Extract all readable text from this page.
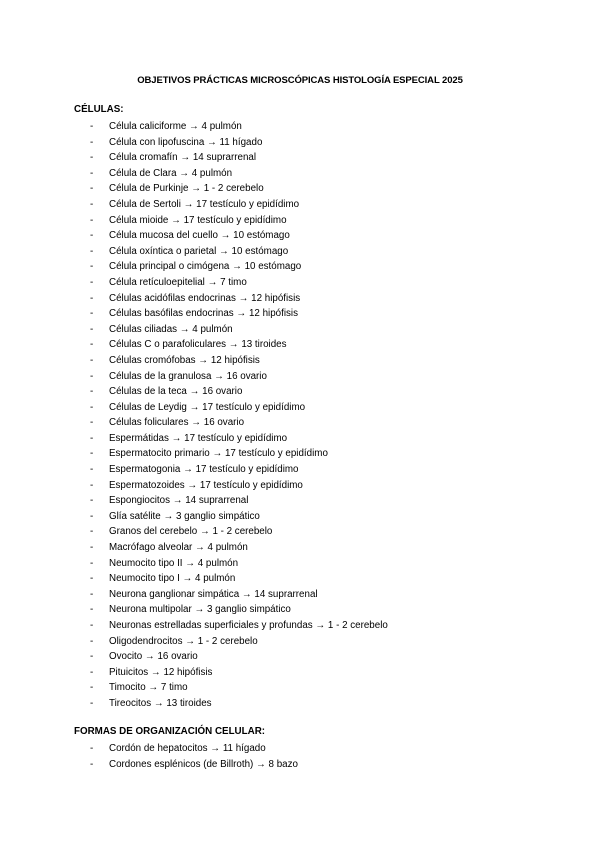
OBJETIVOS PRÁCTICAS MICROSCÓPICAS HISTOLOGÍA ESPECIAL 2025
CÉLULAS:
- Célula caliciforme → 4 pulmón
- Célula con lipofuscina → 11 hígado
- Célula cromafín → 14 suprarrenal
- Célula de Clara → 4 pulmón
- Célula de Purkinje → 1 - 2 cerebelo
- Célula de Sertoli → 17 testículo y epidídimo
- Célula mioide → 17 testículo y epidídimo
- Célula mucosa del cuello → 10 estómago
- Célula oxíntica o parietal → 10 estómago
- Célula principal o cimógena → 10 estómago
- Célula retículoepitelial → 7 timo
- Células acidófilas endocrinas → 12 hipófisis
- Células basófilas endocrinas → 12 hipófisis
- Células ciliadas → 4 pulmón
- Células C o parafoliculares → 13 tiroides
- Células cromófobas → 12 hipófisis
- Células de la granulosa → 16 ovario
- Células de la teca → 16 ovario
- Células de Leydig → 17 testículo y epidídimo
- Células foliculares → 16 ovario
- Espermátidas → 17 testículo y epidídimo
- Espermatocito primario → 17 testículo y epidídimo
- Espermatogonia → 17 testículo y epidídimo
- Espermatozoides → 17 testículo y epidídimo
- Espongiocitos → 14 suprarrenal
- Glía satélite → 3 ganglio simpático
- Granos del cerebelo → 1 - 2 cerebelo
- Macrófago alveolar → 4 pulmón
- Neumocito tipo II → 4 pulmón
- Neumocito tipo I → 4 pulmón
- Neurona ganglionar simpática → 14 suprarrenal
- Neurona multipolar → 3 ganglio simpático
- Neuronas estrelladas superficiales y profundas → 1 - 2 cerebelo
- Oligodendrocitos → 1 - 2 cerebelo
- Ovocito → 16 ovario
- Pituicitos → 12 hipófisis
- Timocito → 7 timo
- Tireocitos → 13 tiroides
FORMAS DE ORGANIZACIÓN CELULAR:
- Cordón de hepatocitos → 11 hígado
- Cordones esplénicos (de Billroth) → 8 bazo
